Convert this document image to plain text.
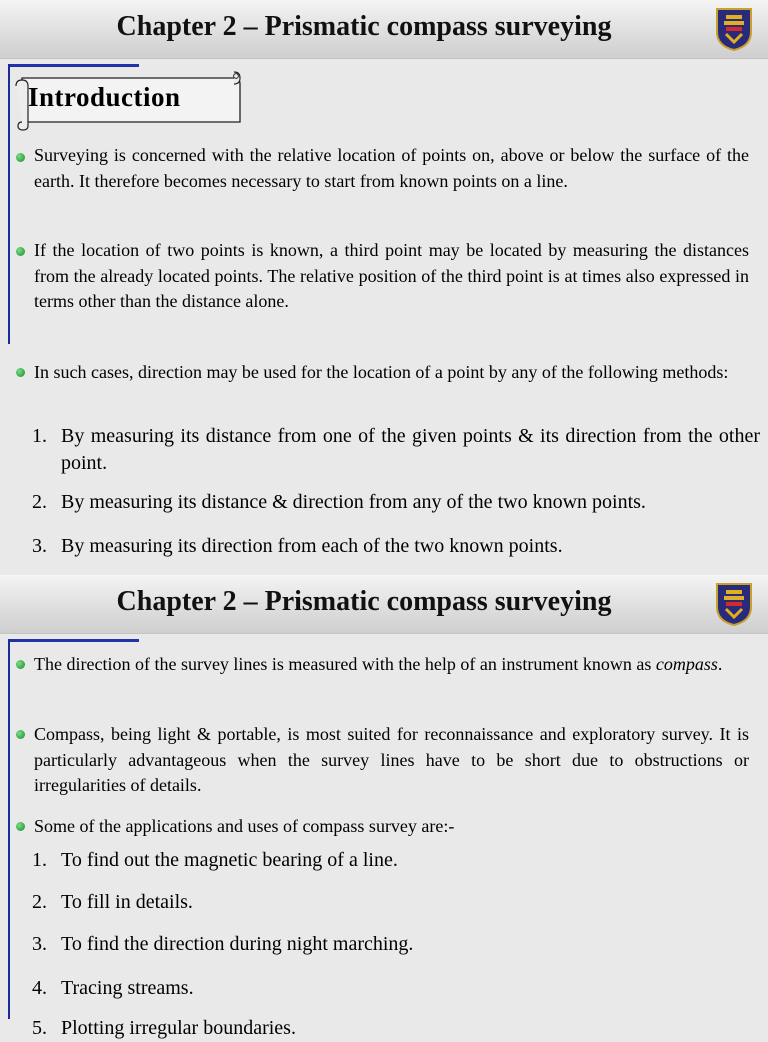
Chapter 2 – Prismatic compass surveying
Introduction
Surveying is concerned with the relative location of points on, above or below the surface of the earth. It therefore becomes necessary to start from known points on a line.
If the location of two points is known, a third point may be located by measuring the distances from the already located points. The relative position of the third point is at times also expressed in terms other than the distance alone.
In such cases, direction may be used for the location of a point by any of the following methods:
1. By measuring its distance from one of the given points & its direction from the other point.
2. By measuring its distance & direction from any of the two known points.
3. By measuring its direction from each of the two known points.
Chapter 2 – Prismatic compass surveying
The direction of the survey lines is measured with the help of an instrument known as compass.
Compass, being light & portable, is most suited for reconnaissance and exploratory survey. It is particularly advantageous when the survey lines have to be short due to obstructions or irregularities of details.
Some of the applications and uses of compass survey are:-
1. To find out the magnetic bearing of a line.
2. To fill in details.
3. To find the direction during night marching.
4. Tracing streams.
5. Plotting irregular boundaries.
